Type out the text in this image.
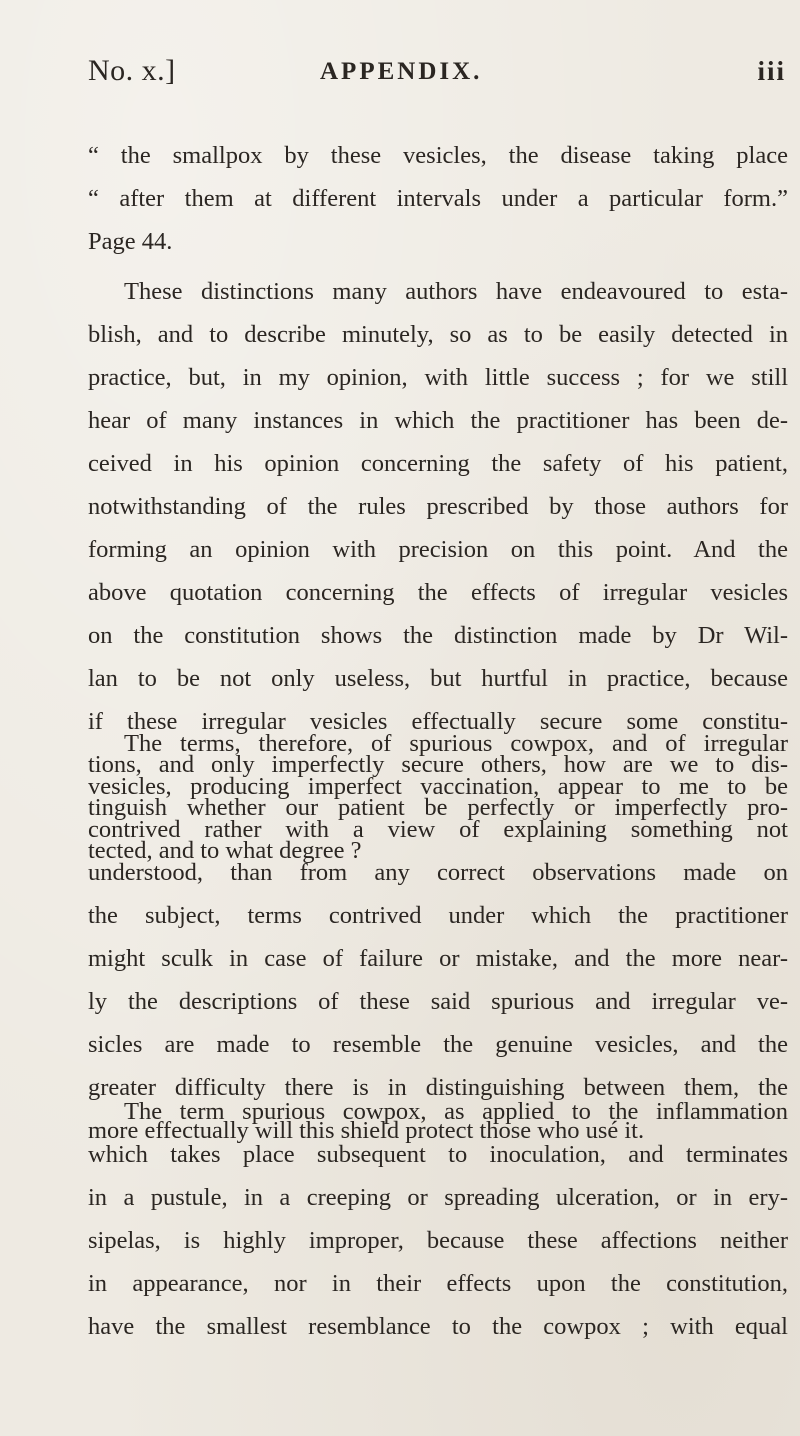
No. x.]	APPENDIX.	iii
“ the smallpox by these vesicles, the disease taking place
“ after them at different intervals under a particular form.”
Page 44.
These distinctions many authors have endeavoured to esta-
blish, and to describe minutely, so as to be easily detected in
practice, but, in my opinion, with little success ; for we still
hear of many instances in which the practitioner has been de-
ceived in his opinion concerning the safety of his patient,
notwithstanding of the rules prescribed by those authors for
forming an opinion with precision on this point. And the
above quotation concerning the effects of irregular vesicles
on the constitution shows the distinction made by Dr Wil-
lan to be not only useless, but hurtful in practice, because
if these irregular vesicles effectually secure some constitu-
tions, and only imperfectly secure others, how are we to dis-
tinguish whether our patient be perfectly or imperfectly pro-
tected, and to what degree ?
The terms, therefore, of spurious cowpox, and of irregular
vesicles, producing imperfect vaccination, appear to me to be
contrived rather with a view of explaining something not
understood, than from any correct observations made on
the subject, terms contrived under which the practitioner
might sculk in case of failure or mistake, and the more near-
ly the descriptions of these said spurious and irregular ve-
sicles are made to resemble the genuine vesicles, and the
greater difficulty there is in distinguishing between them, the
more effectually will this shield protect those who usé it.
The term spurious cowpox, as applied to the inflammation
which takes place subsequent to inoculation, and terminates
in a pustule, in a creeping or spreading ulceration, or in ery-
sipelas, is highly improper, because these affections neither
in appearance, nor in their effects upon the constitution,
have the smallest resemblance to the cowpox ; with equal
